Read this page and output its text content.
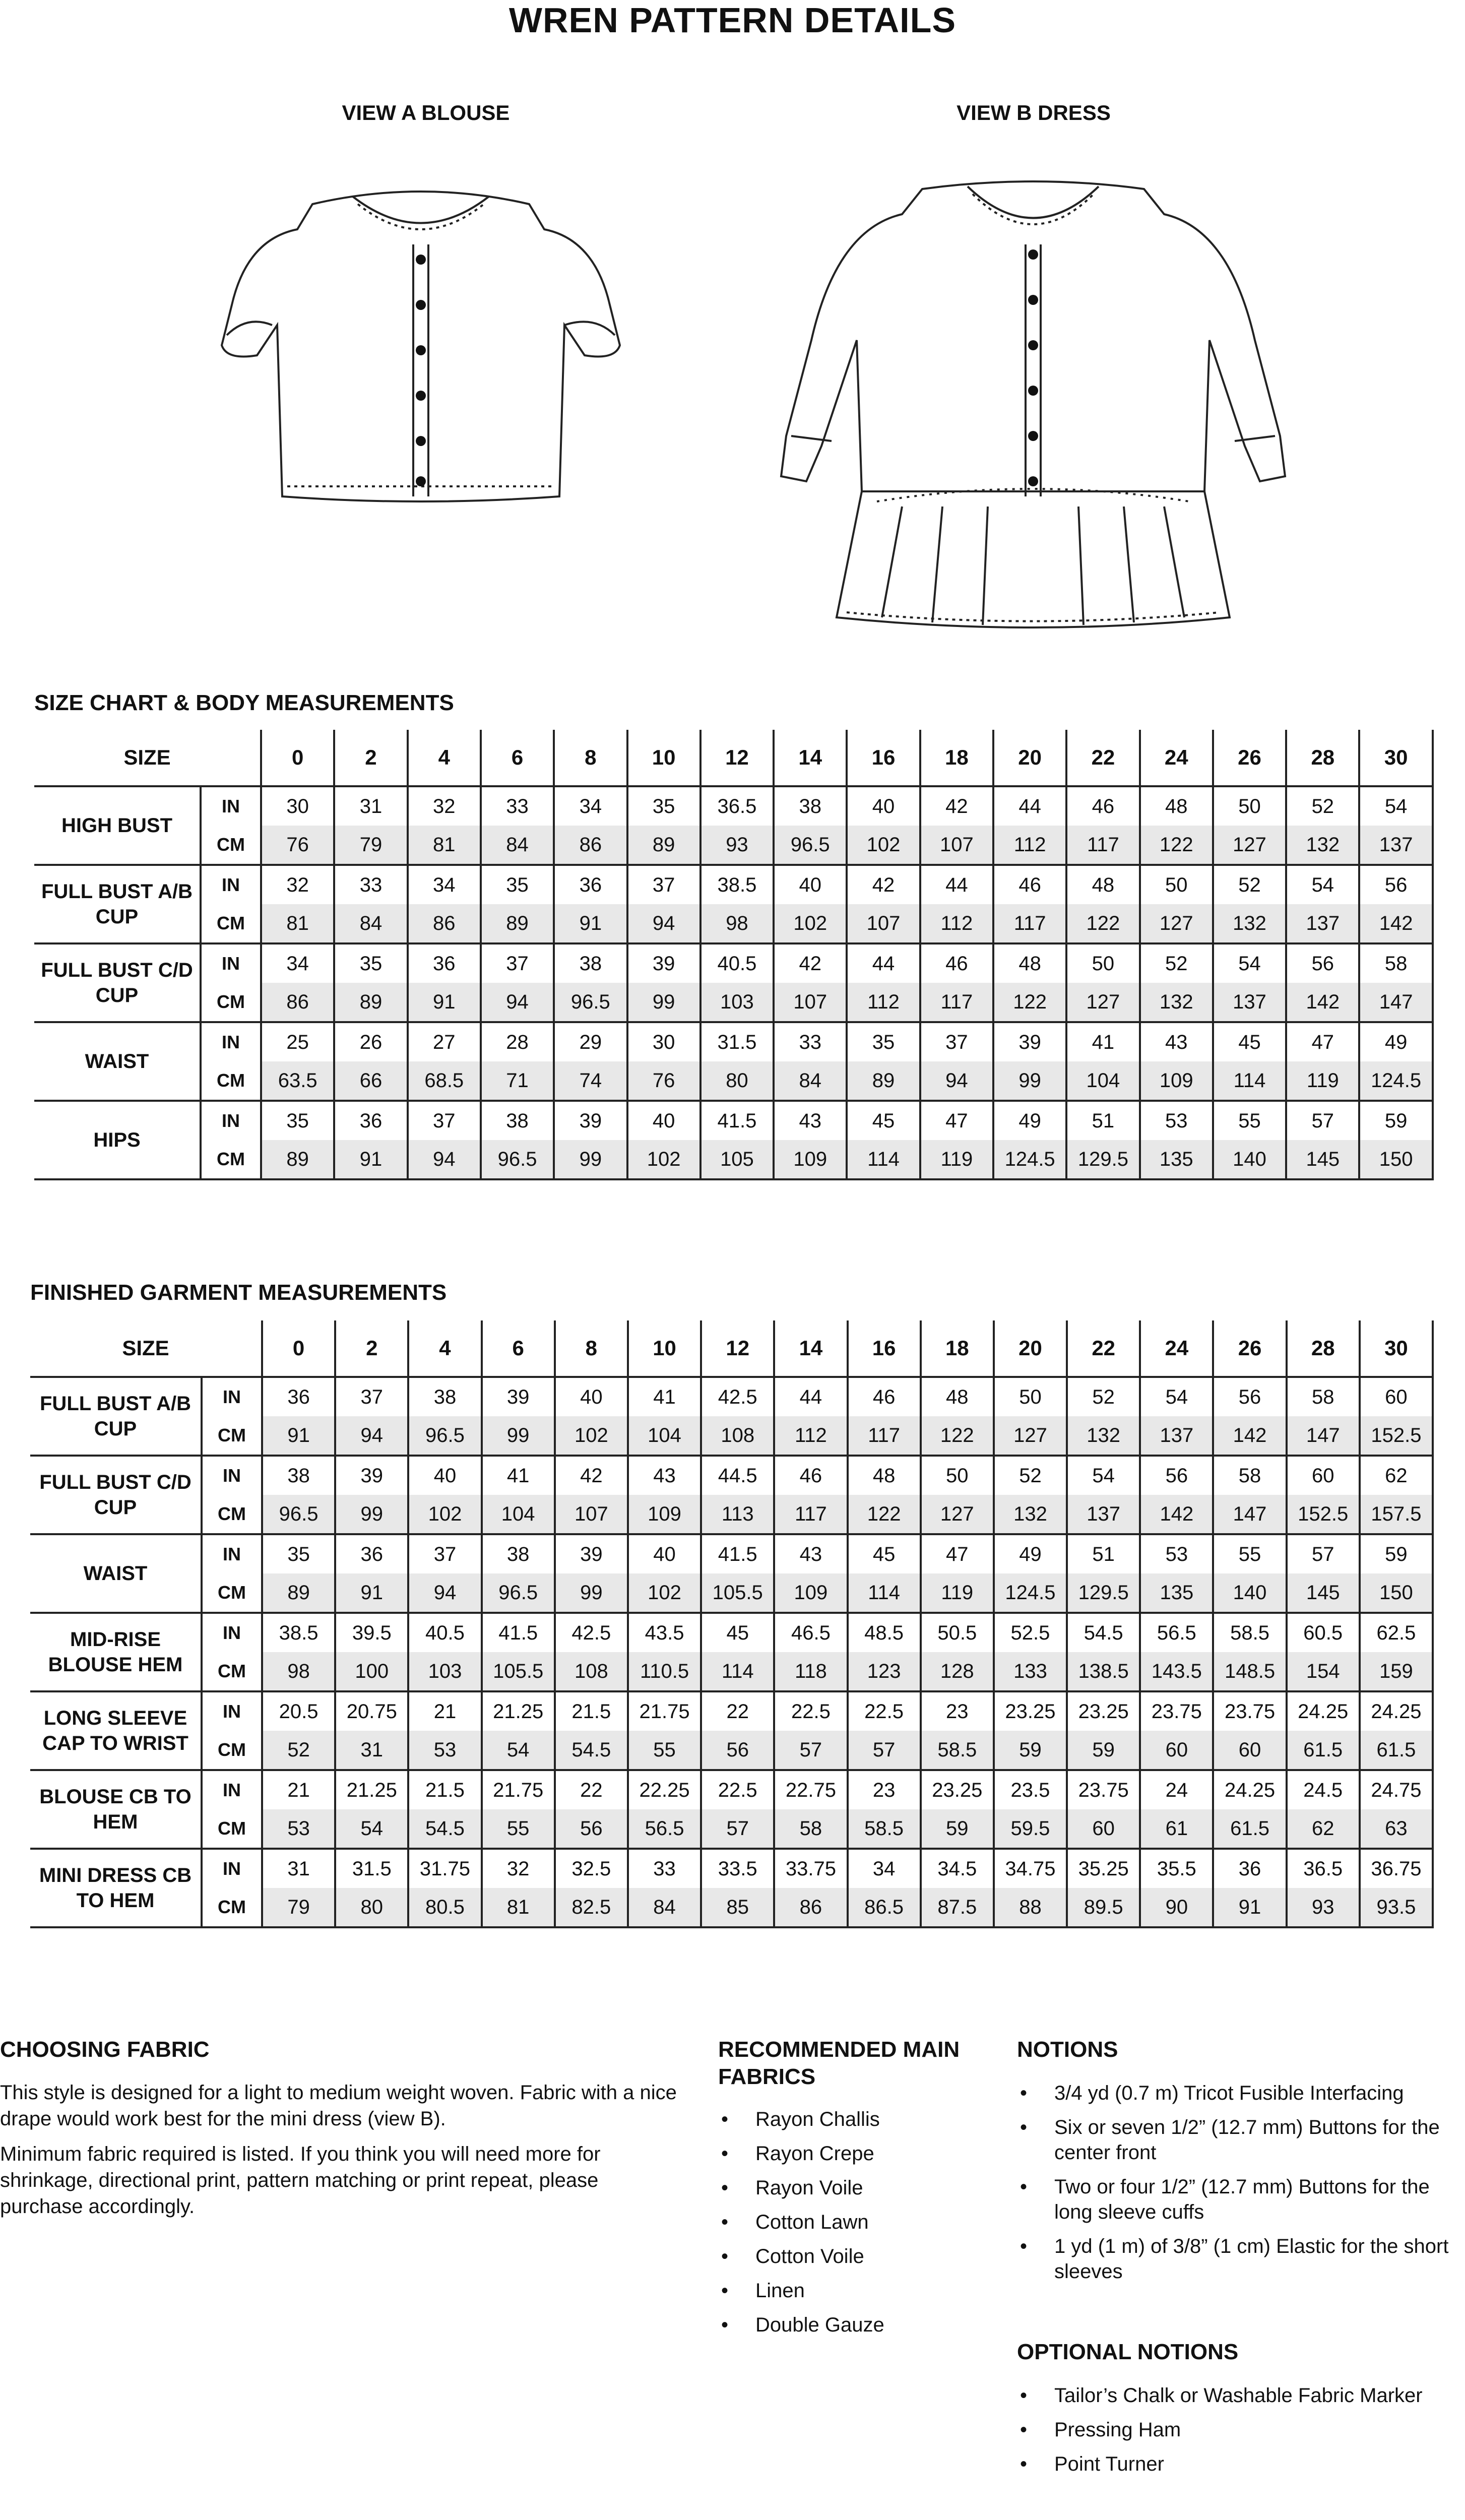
WREN PATTERN DETAILS
VIEW A BLOUSE	VIEW B DRESS
SIZE CHART & BODY MEASUREMENTS
SIZE		0	2	4	6	8	10	12	14	16	18	20	22	24	26	28	30
HIGH BUST	IN	30	31	32	33	34	35	36.5	38	40	42	44	46	48	50	52	54
	CM	76	79	81	84	86	89	93	96.5	102	107	112	117	122	127	132	137
FULL BUST A/B CUP	IN	32	33	34	35	36	37	38.5	40	42	44	46	48	50	52	54	56
	CM	81	84	86	89	91	94	98	102	107	112	117	122	127	132	137	142
FULL BUST C/D CUP	IN	34	35	36	37	38	39	40.5	42	44	46	48	50	52	54	56	58
	CM	86	89	91	94	96.5	99	103	107	112	117	122	127	132	137	142	147
WAIST	IN	25	26	27	28	29	30	31.5	33	35	37	39	41	43	45	47	49
	CM	63.5	66	68.5	71	74	76	80	84	89	94	99	104	109	114	119	124.5
HIPS	IN	35	36	37	38	39	40	41.5	43	45	47	49	51	53	55	57	59
	CM	89	91	94	96.5	99	102	105	109	114	119	124.5	129.5	135	140	145	150
FINISHED GARMENT MEASUREMENTS
SIZE		0	2	4	6	8	10	12	14	16	18	20	22	24	26	28	30
FULL BUST A/B CUP	IN	36	37	38	39	40	41	42.5	44	46	48	50	52	54	56	58	60
	CM	91	94	96.5	99	102	104	108	112	117	122	127	132	137	142	147	152.5
FULL BUST C/D CUP	IN	38	39	40	41	42	43	44.5	46	48	50	52	54	56	58	60	62
	CM	96.5	99	102	104	107	109	113	117	122	127	132	137	142	147	152.5	157.5
WAIST	IN	35	36	37	38	39	40	41.5	43	45	47	49	51	53	55	57	59
	CM	89	91	94	96.5	99	102	105.5	109	114	119	124.5	129.5	135	140	145	150
MID-RISE BLOUSE HEM	IN	38.5	39.5	40.5	41.5	42.5	43.5	45	46.5	48.5	50.5	52.5	54.5	56.5	58.5	60.5	62.5
	CM	98	100	103	105.5	108	110.5	114	118	123	128	133	138.5	143.5	148.5	154	159
LONG SLEEVE CAP TO WRIST	IN	20.5	20.75	21	21.25	21.5	21.75	22	22.5	22.5	23	23.25	23.25	23.75	23.75	24.25	24.25
	CM	52	31	53	54	54.5	55	56	57	57	58.5	59	59	60	60	61.5	61.5
BLOUSE CB TO HEM	IN	21	21.25	21.5	21.75	22	22.25	22.5	22.75	23	23.25	23.5	23.75	24	24.25	24.5	24.75
	CM	53	54	54.5	55	56	56.5	57	58	58.5	59	59.5	60	61	61.5	62	63
MINI DRESS CB TO HEM	IN	31	31.5	31.75	32	32.5	33	33.5	33.75	34	34.5	34.75	35.25	35.5	36	36.5	36.75
	CM	79	80	80.5	81	82.5	84	85	86	86.5	87.5	88	89.5	90	91	93	93.5
CHOOSING FABRIC
This style is designed for a light to medium weight woven. Fabric with a nice drape would work best for the mini dress (view B).
Minimum fabric required is listed. If you think you will need more for shrinkage, directional print, pattern matching or print repeat, please purchase accordingly.
RECOMMENDED MAIN FABRICS
• Rayon Challis
• Rayon Crepe
• Rayon Voile
• Cotton Lawn
• Cotton Voile
• Linen
• Double Gauze
NOTIONS
• 3/4 yd (0.7 m) Tricot Fusible Interfacing
• Six or seven 1/2” (12.7 mm) Buttons for the center front
• Two or four 1/2” (12.7 mm) Buttons for the long sleeve cuffs
• 1 yd (1 m) of 3/8” (1 cm) Elastic for the short sleeves
OPTIONAL NOTIONS
• Tailor’s Chalk or Washable Fabric Marker
• Pressing Ham
• Point Turner
